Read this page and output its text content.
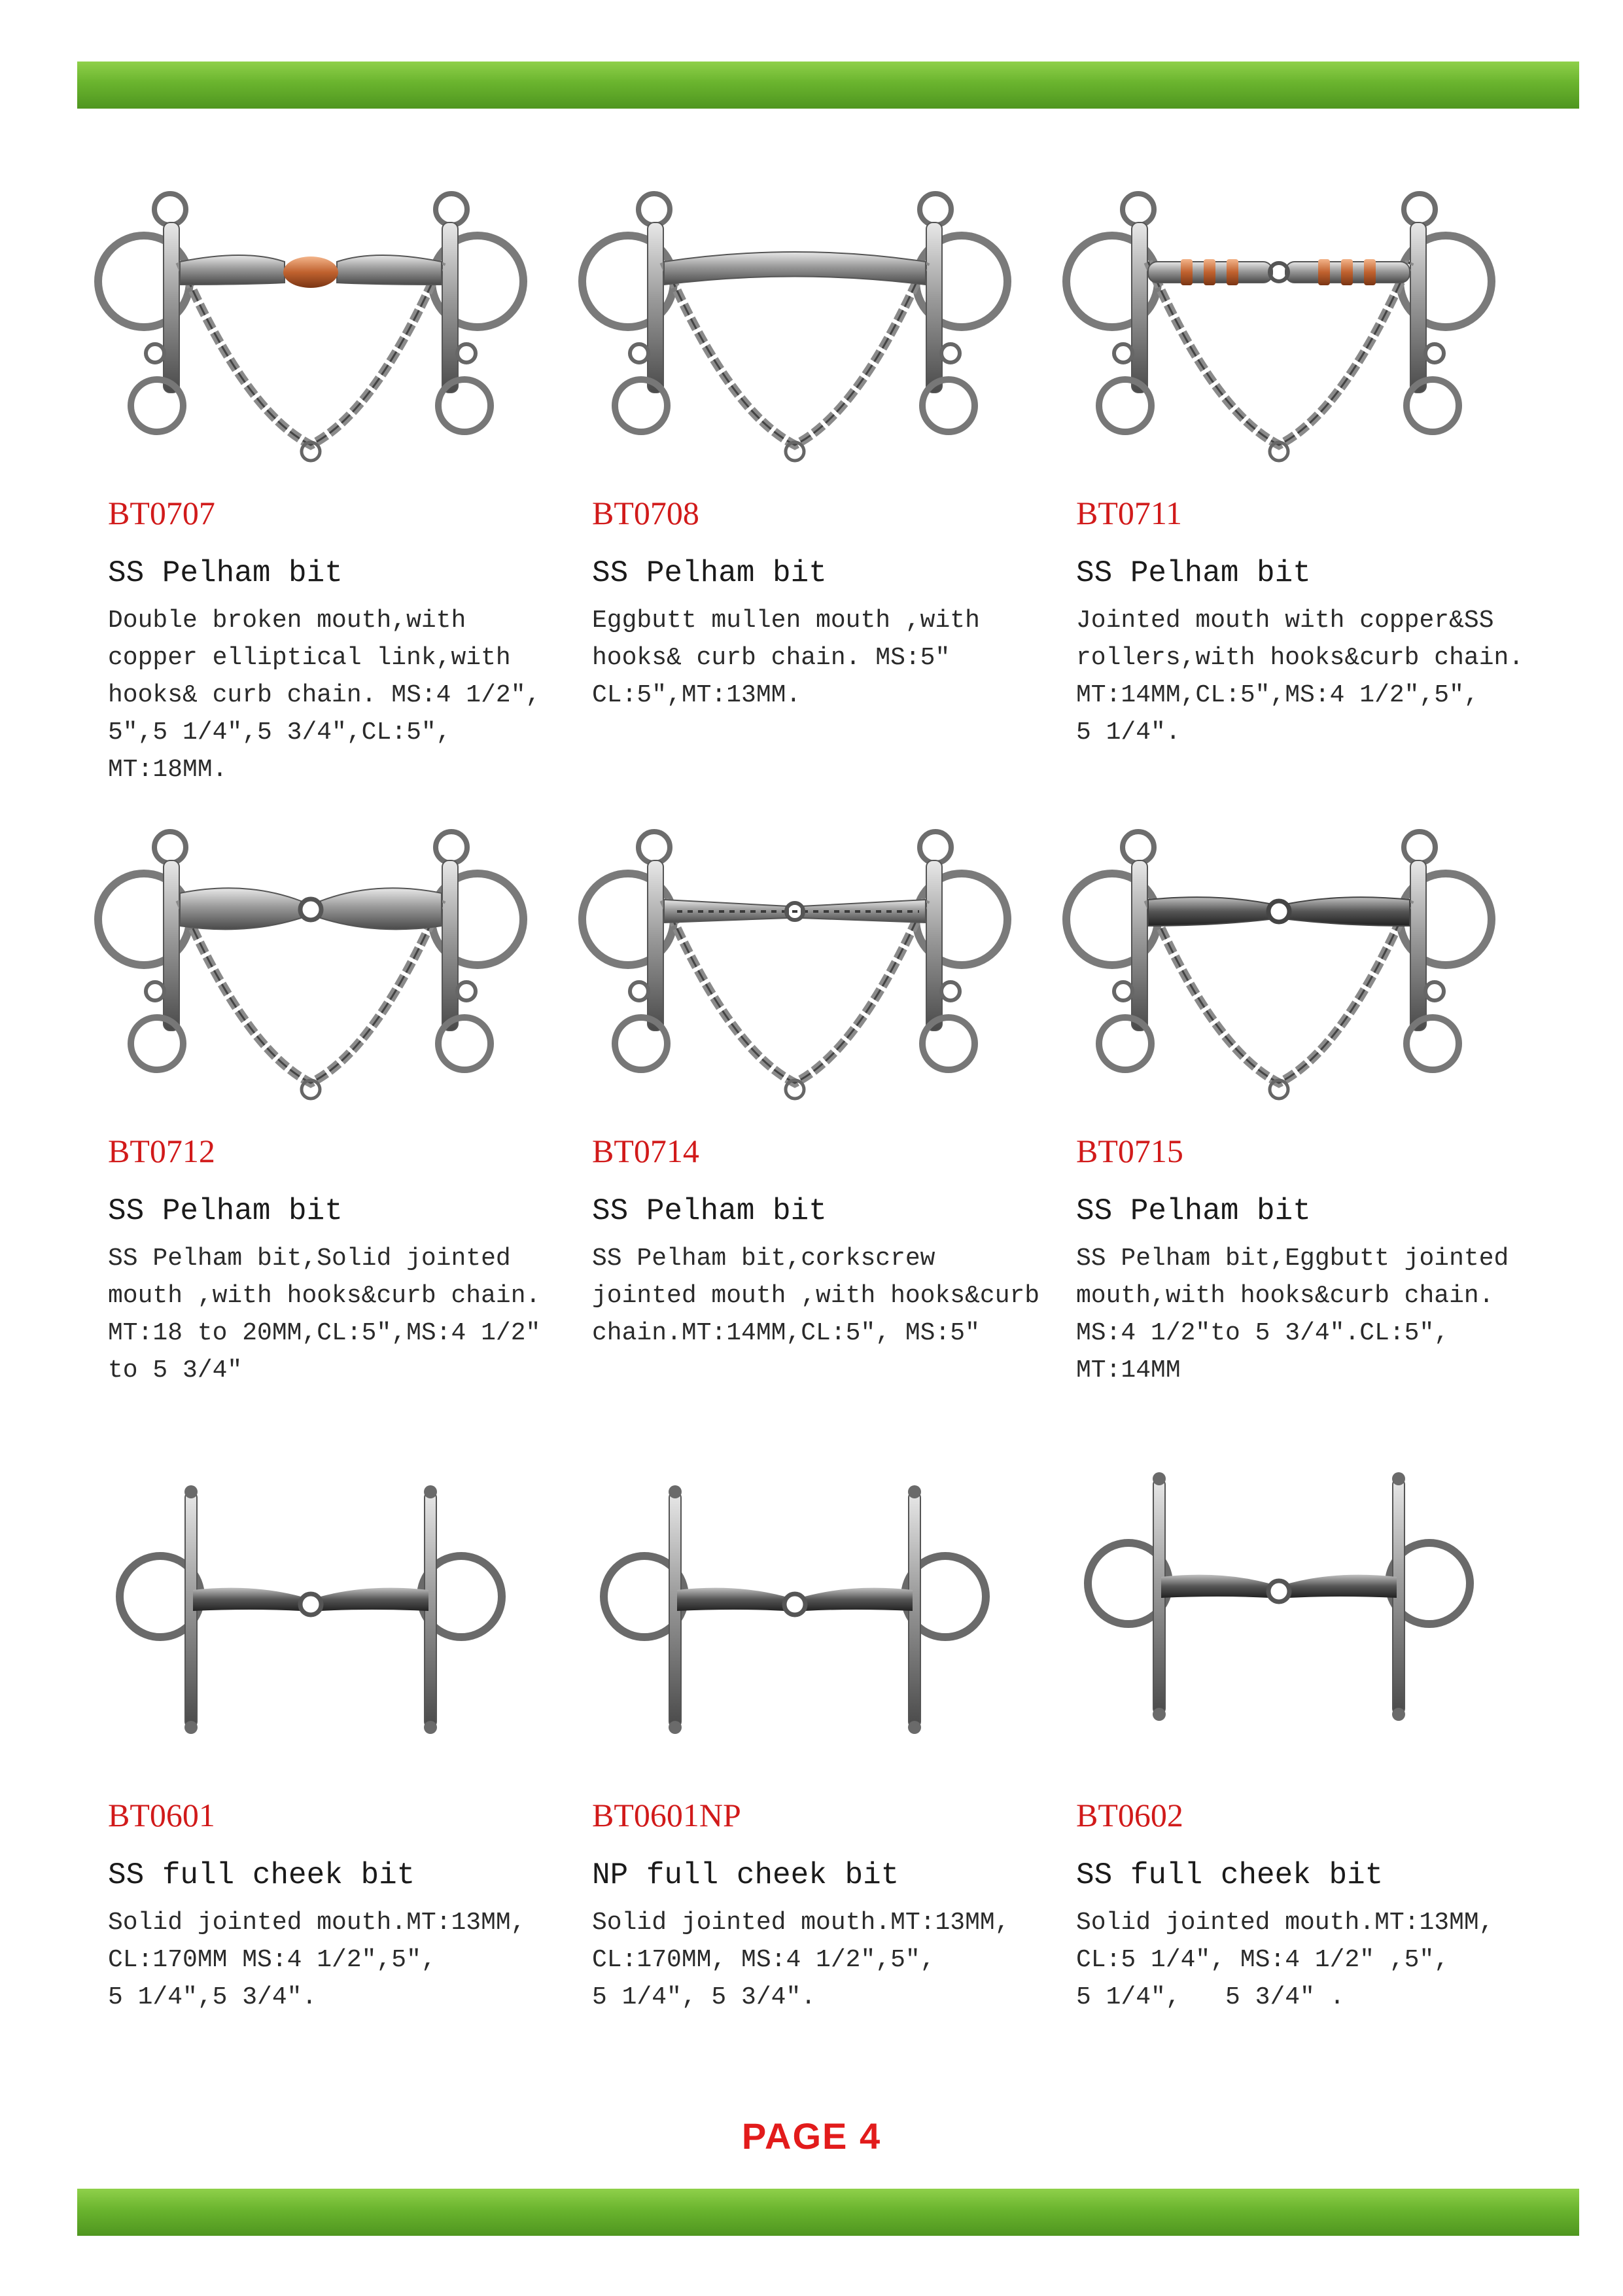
BT0707
SS Pelham bit
Double broken mouth,with
copper elliptical link,with
hooks& curb chain. MS:4 1/2″,
5″,5 1/4″,5 3/4″,CL:5″,
MT:18MM.
BT0708
SS Pelham bit
Eggbutt mullen mouth ,with
hooks& curb chain. MS:5″
CL:5″,MT:13MM.
BT0711
SS Pelham bit
Jointed mouth with copper&SS
rollers,with hooks&curb chain.
MT:14MM,CL:5″,MS:4 1/2″,5″,
5 1/4″.
BT0712
SS Pelham bit
SS Pelham bit,Solid jointed
mouth ,with hooks&curb chain.
MT:18 to 20MM,CL:5″,MS:4 1/2″
to 5 3/4″
BT0714
SS Pelham bit
SS Pelham bit,corkscrew
jointed mouth ,with hooks&curb
chain.MT:14MM,CL:5″, MS:5″
BT0715
SS Pelham bit
SS Pelham bit,Eggbutt jointed
mouth,with hooks&curb chain.
MS:4 1/2″to 5 3/4″.CL:5″,
MT:14MM
BT0601
SS full cheek bit
Solid jointed mouth.MT:13MM,
CL:170MM MS:4 1/2″,5″,
5 1/4″,5 3/4″.
BT0601NP
NP full cheek bit
Solid jointed mouth.MT:13MM,
CL:170MM, MS:4 1/2″,5″,
5 1/4″, 5 3/4″.
BT0602
SS full cheek bit
Solid jointed mouth.MT:13MM,
CL:5 1/4″, MS:4 1/2″ ,5″,
5 1/4″,   5 3/4″ .
PAGE 4
